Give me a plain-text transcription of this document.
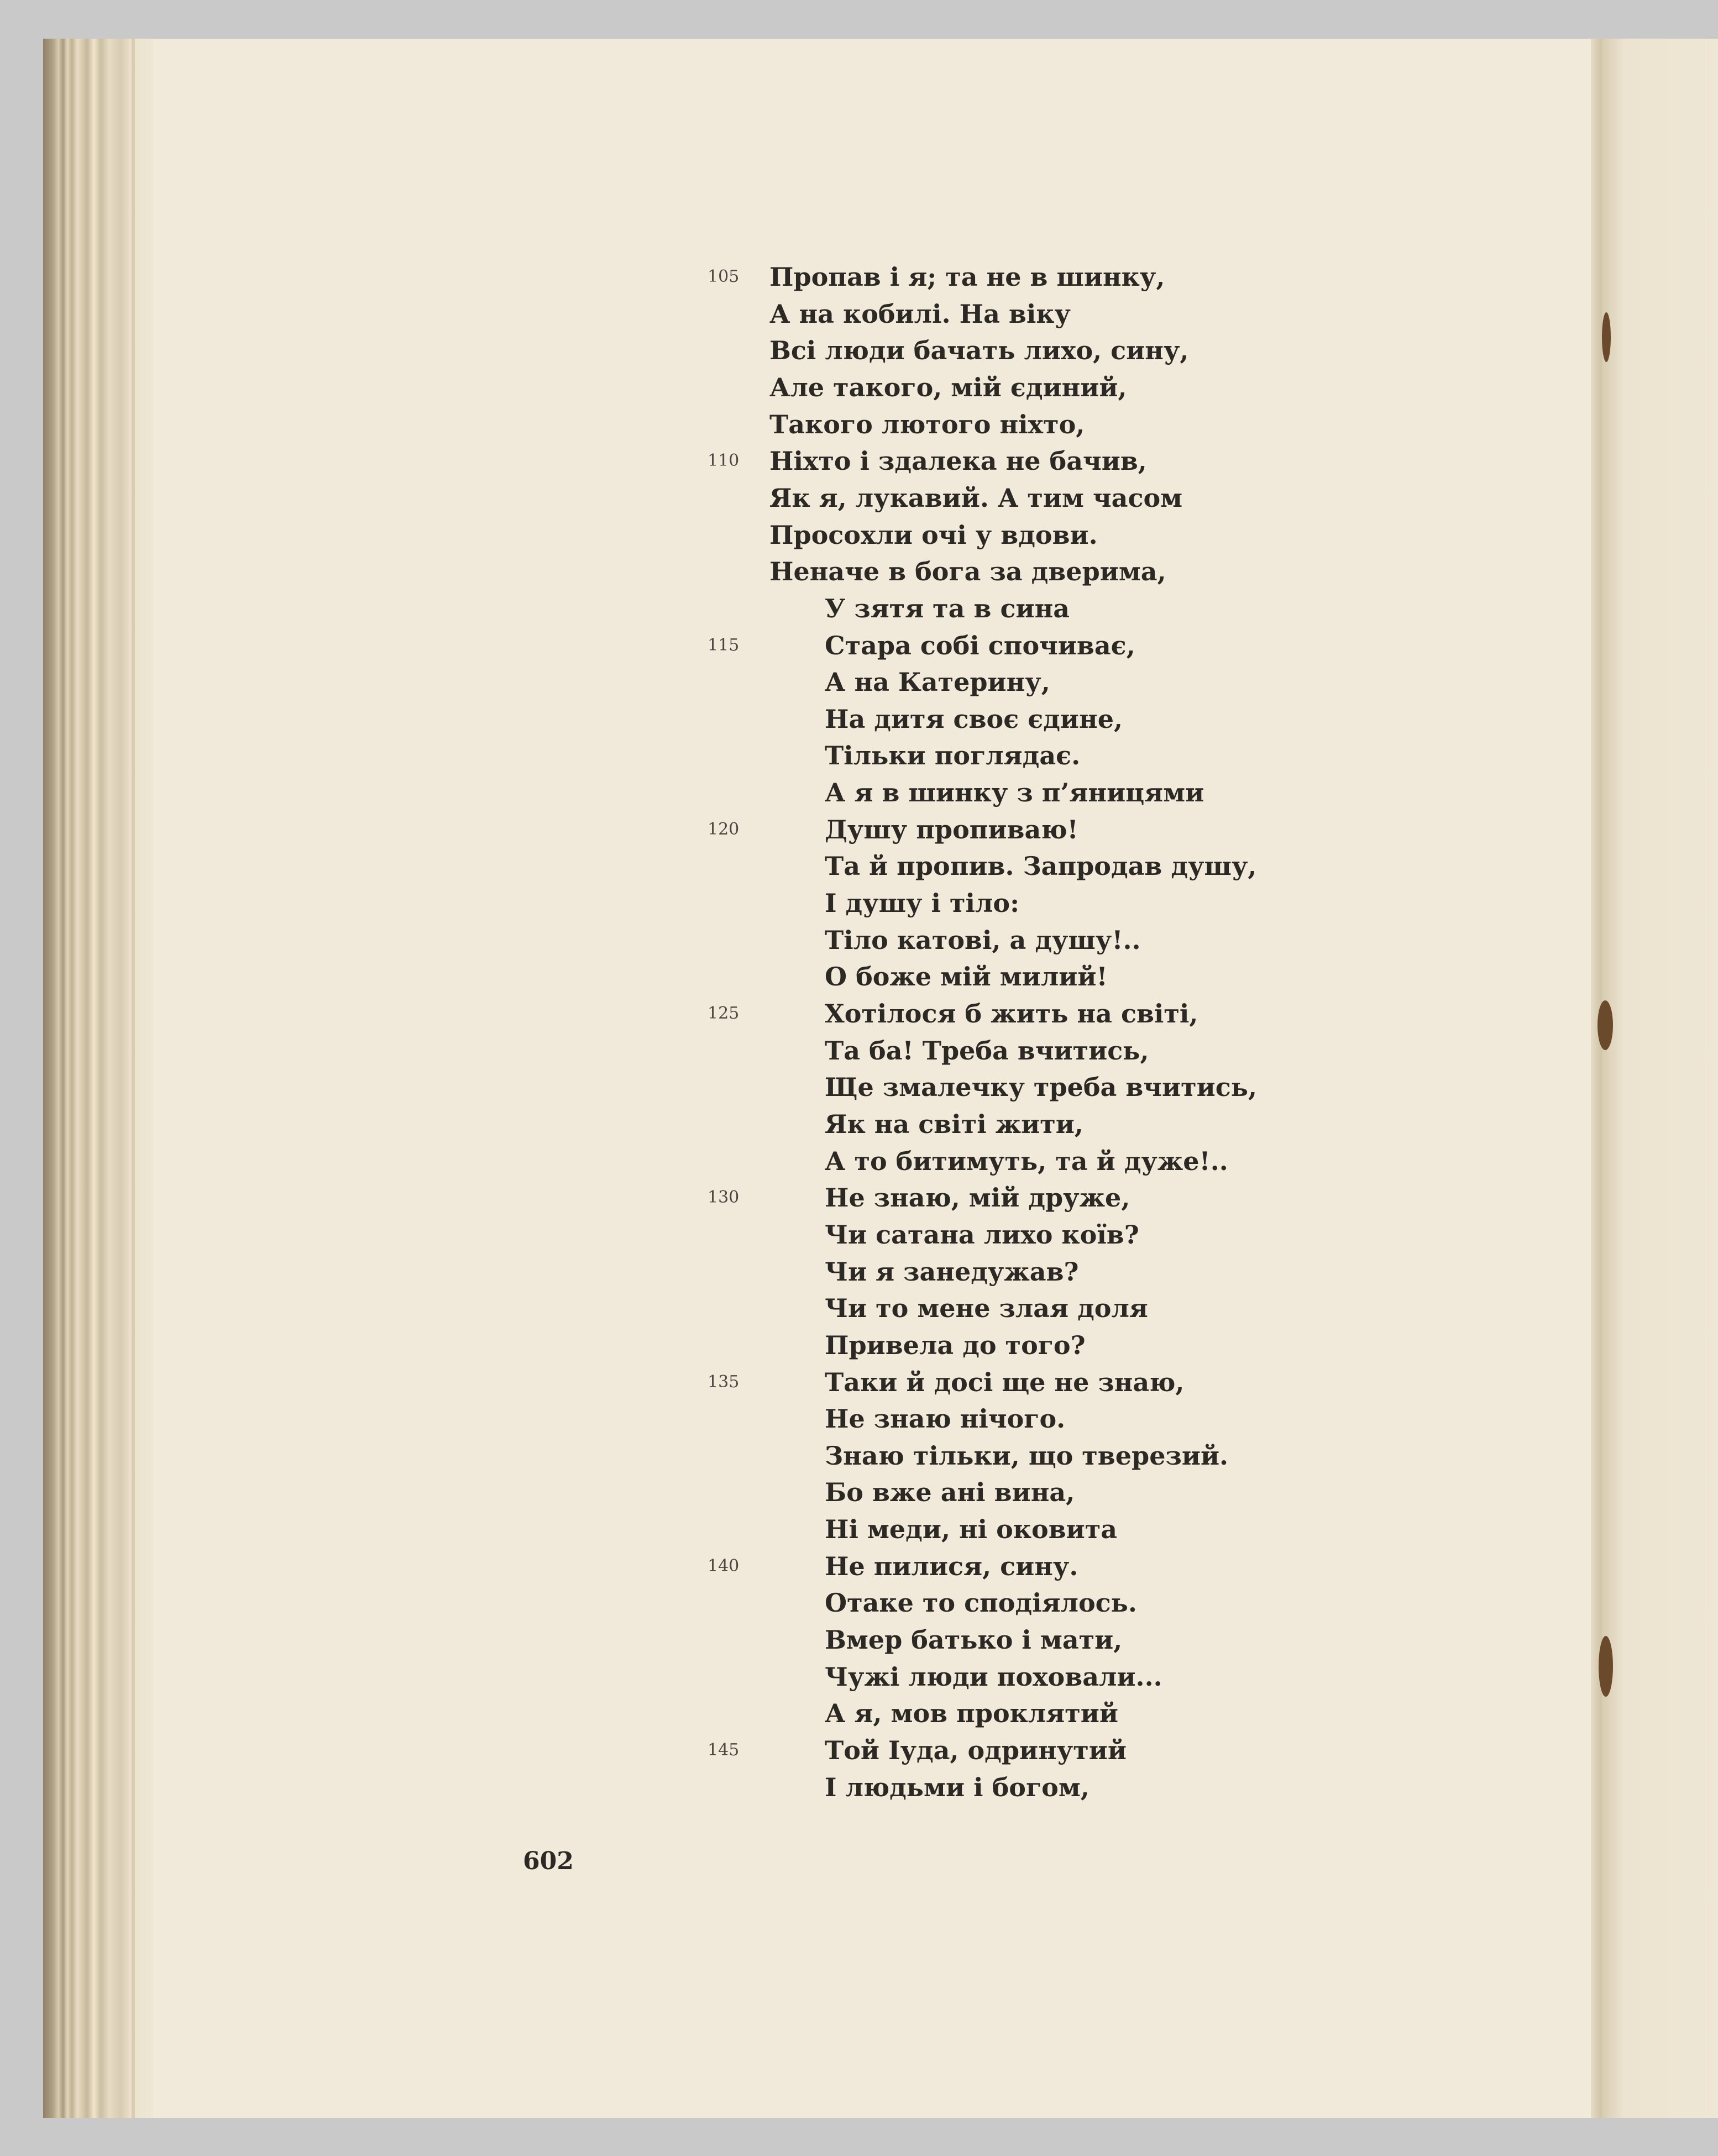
105	Пропав і я; та не в шинку,
А на кобилі. На віку
Всі люди бачать лихо, сину,
Але такого, мій єдиний,
Такого лютого ніхто,
110	Ніхто і здалека не бачив,
Як я, лукавий. А тим часом
Просохли очі у вдови.
Неначе в бога за дверима,
У зятя та в сина
115	Стара собі спочиває,
А на Катерину,
На дитя своє єдине,
Тільки поглядає.
А я в шинку з п’яницями
120	Душу пропиваю!
Та й пропив. Запродав душу,
І душу і тіло:
Тіло катові, а душу!..
О боже мій милий!
125	Хотілося б жить на світі,
Та ба! Треба вчитись,
Ще змалечку треба вчитись,
Як на світі жити,
А то битимуть, та й дуже!..
130	Не знаю, мій друже,
Чи сатана лихо коїв?
Чи я занедужав?
Чи то мене злая доля
Привела до того?
135	Таки й досі ще не знаю,
Не знаю нічого.
Знаю тільки, що тверезий.
Бо вже ані вина,
Ні меди, ні оковита
140	Не пилися, сину.
Отаке то сподіялось.
Вмер батько і мати,
Чужі люди поховали...
А я, мов проклятий
145	Той Іуда, одринутий
І людьми і богом,
602
